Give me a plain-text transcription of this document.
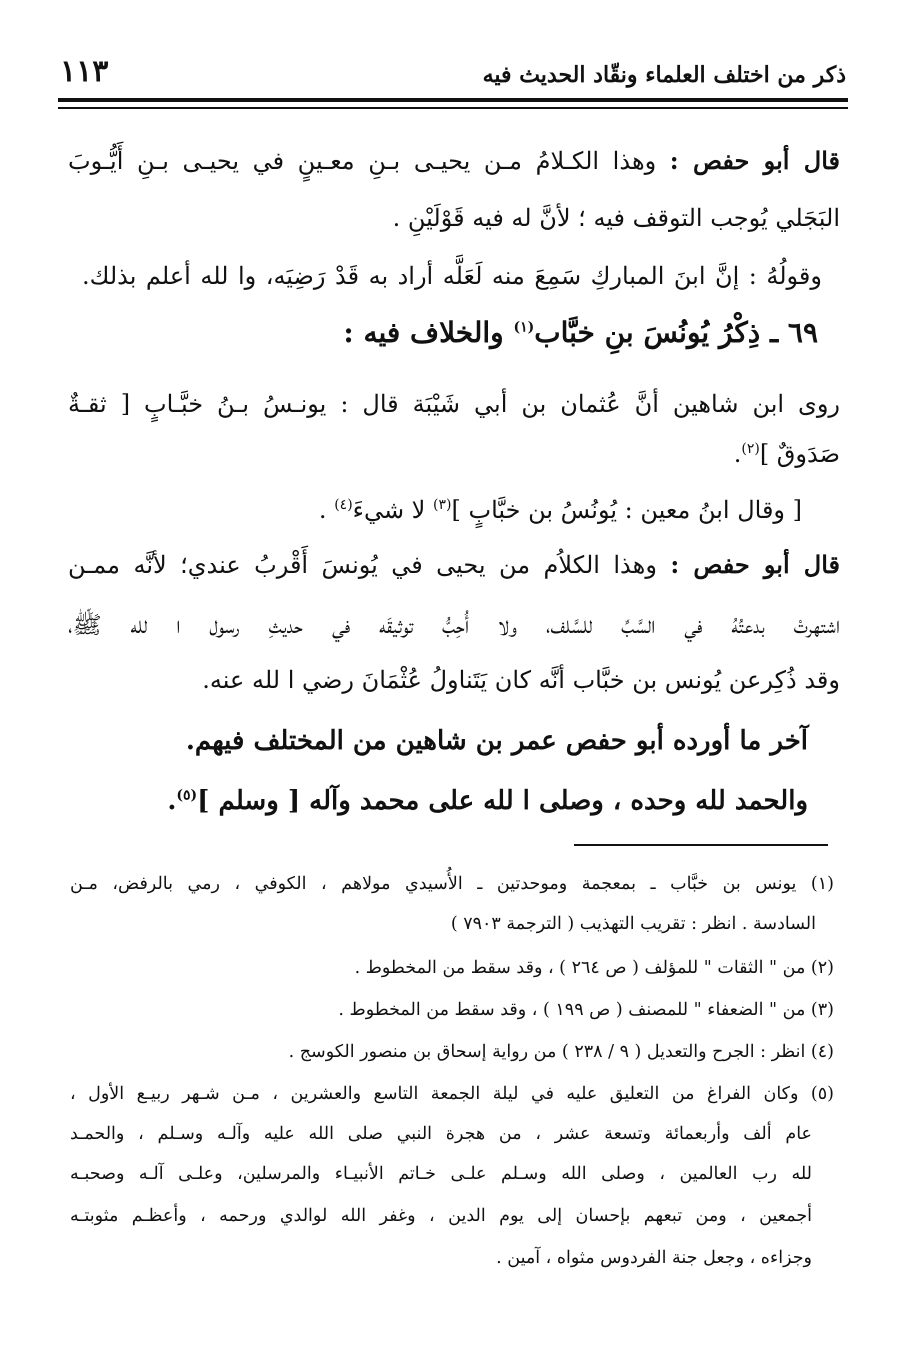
ذكر من اختلف العلماء ونقّاد الحديث فيه
١١٣
قال أبو حفص : وهذا الكـلامُ مـن يحيـى بـنِ معـينٍ في يحيـى بـنِ أَيُّـوبَ
البَجَلي يُوجب التوقف فيه ؛ لأنَّ له فيه قَوْلَيْنِ .
وقولُهُ : إنَّ ابنَ المباركِ سَمِعَ منه لَعَلَّه أراد به قَدْ رَضِيَه، وا لله أعلم بذلك.
٦٩ ـ ذِكْرُ يُونُسَ بنِ خبَّاب$^{(١)}$ والخلاف فيه :
روى ابن شاهين أنَّ عُثمان بن أبي شَيْبَة قال : يونـسُ بـنُ خبَّـابٍ [ ثقـةٌ
صَدَوقٌ ]$^{(٢)}$.
[ وقال ابنُ معين : يُونُسُ بن خبَّابٍ ]$^{(٣)}$ لا شيءَ$^{(٤)}$ .
قال أبو حفص : وهذا الكلاُم من يحيى في يُونسَ أَقْربُ عندي؛ لأنَّه ممـن
اشتهرتْ بدعتُهُ في السَّبِّ للسَّلف، ولا أُحِبُّ توثيقَه في حديثِ رسول ا لله ﷺ،
وقد ذُكِرعن يُونس بن خبَّاب أنَّه كان يَتَناولُ عُثْمَانَ رضي ا لله عنه.
آخر ما أورده أبو حفص عمر بن شاهين من المختلف فيهم.
والحمد لله وحده ، وصلى ا لله على محمد وآله [ وسلم ]$^{(٥)}$.
(١) يونس بن خبَّاب ـ بمعجمة وموحدتين ـ الأُسيدي مولاهم ، الكوفي ، رمي بالرفض، مـن
السادسة . انظر : تقريب التهذيب ( الترجمة ٧٩٠٣ )
(٢) من " الثقات " للمؤلف ( ص ٢٦٤ ) ، وقد سقط من المخطوط .
(٣) من " الضعفاء " للمصنف ( ص ١٩٩ ) ، وقد سقط من المخطوط .
(٤) انظر : الجرح والتعديل ( ٩ / ٢٣٨ ) من رواية إسحاق بن منصور الكوسج .
(٥) وكان الفراغ من التعليق عليه في ليلة الجمعة التاسع والعشرين ، مـن شـهر ربيـع الأول ،
عام ألف وأربعمائة وتسعة عشر ، من هجرة النبي صلى الله عليه وآلـه وسـلم ، والحمـد
لله رب العالمين ، وصلى الله وسـلم علـى خـاتم الأنبيـاء والمرسلين، وعلـى آلـه وصحبـه
أجمعين ، ومن تبعهم بإحسان إلى يوم الدين ، وغفر الله لوالدي ورحمه ، وأعظـم مثوبتـه
وجزاءه ، وجعل جنة الفردوس مثواه ، آمين .
